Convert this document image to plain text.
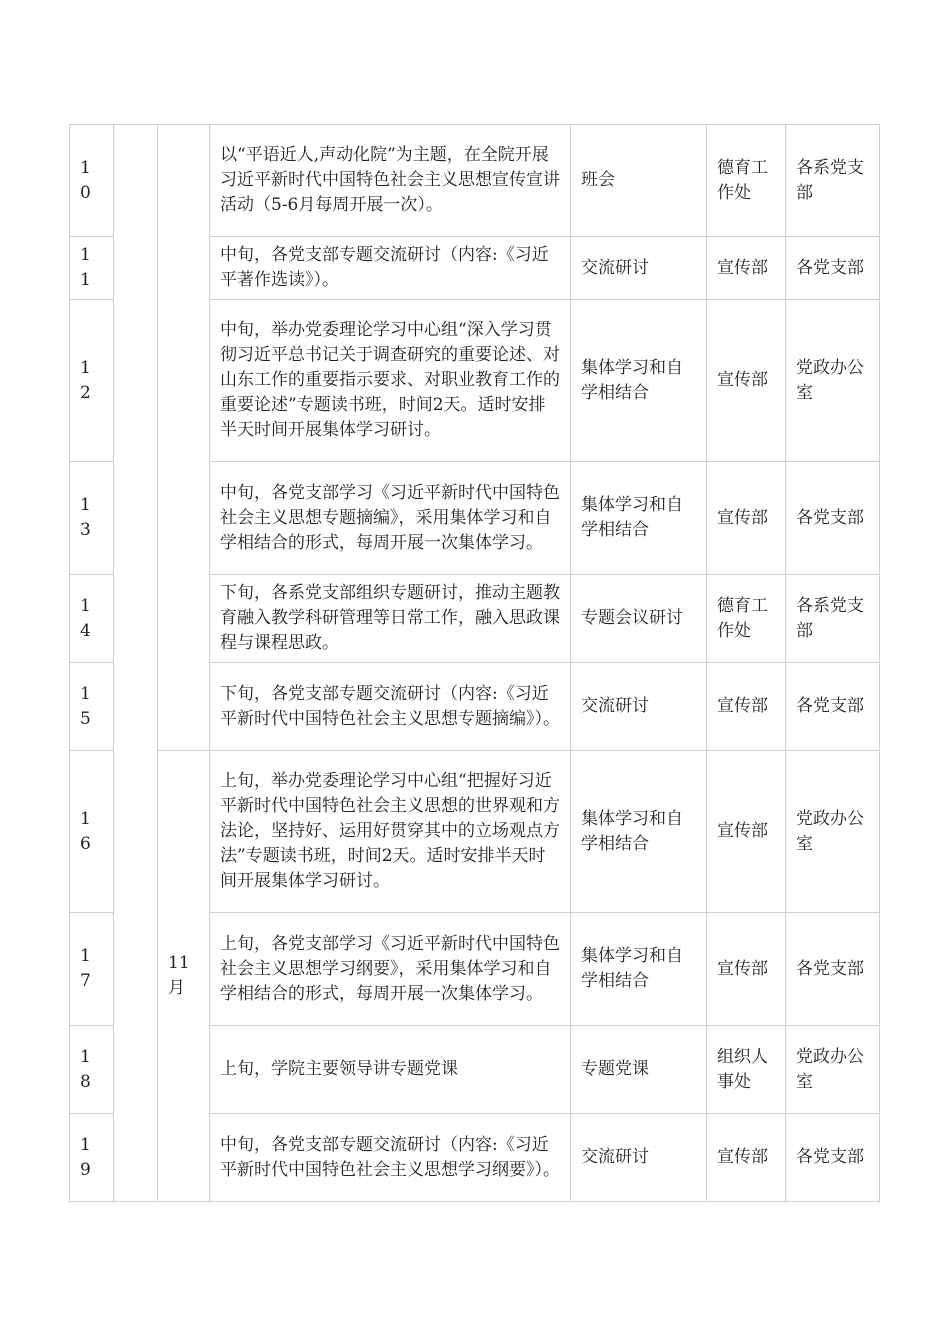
10			以“平语近人,声动化院”为主题，在全院开展习近平新时代中国特色社会主义思想宣传宣讲活动（5-6月每周开展一次）。	班会	德育工作处	各系党支部

11			中旬，各党支部专题交流研讨（内容:《习近平著作选读》）。	交流研讨	宣传部	各党支部

12			中旬，举办党委理论学习中心组“深入学习贯彻习近平总书记关于调查研究的重要论述、对山东工作的重要指示要求、对职业教育工作的重要论述”专题读书班，时间2天。适时安排半天时间开展集体学习研讨。	集体学习和自学相结合	宣传部	党政办公室

13			中旬，各党支部学习《习近平新时代中国特色社会主义思想专题摘编》，采用集体学习和自学相结合的形式，每周开展一次集体学习。	集体学习和自学相结合	宣传部	各党支部

14			下旬，各系党支部组织专题研讨，推动主题教育融入教学科研管理等日常工作，融入思政课程与课程思政。	专题会议研讨	德育工作处	各系党支部

15			下旬，各党支部专题交流研讨（内容:《习近平新时代中国特色社会主义思想专题摘编》）。	交流研讨	宣传部	各党支部

16		11月	上旬，举办党委理论学习中心组“把握好习近平新时代中国特色社会主义思想的世界观和方法论，坚持好、运用好贯穿其中的立场观点方法”专题读书班，时间2天。适时安排半天时间开展集体学习研讨。	集体学习和自学相结合	宣传部	党政办公室

17			上旬，各党支部学习《习近平新时代中国特色社会主义思想学习纲要》，采用集体学习和自学相结合的形式，每周开展一次集体学习。	集体学习和自学相结合	宣传部	各党支部

18			上旬，学院主要领导讲专题党课	专题党课	组织人事处	党政办公室

19			中旬，各党支部专题交流研讨（内容:《习近平新时代中国特色社会主义思想学习纲要》）。	交流研讨	宣传部	各党支部
